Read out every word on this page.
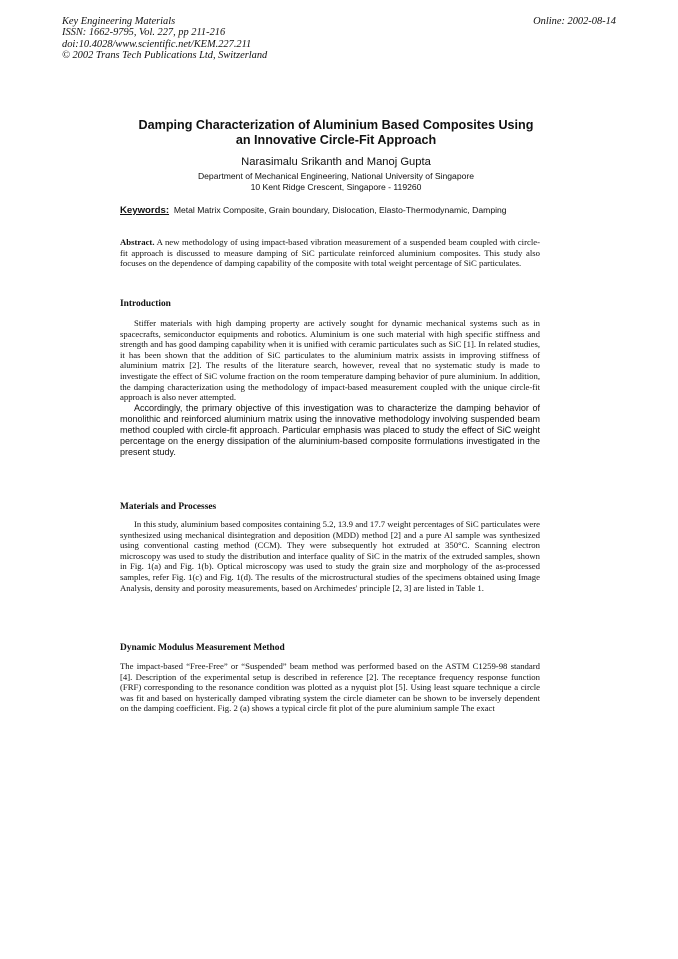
Key Engineering Materials
ISSN: 1662-9795, Vol. 227, pp 211-216
doi:10.4028/www.scientific.net/KEM.227.211
© 2002 Trans Tech Publications Ltd, Switzerland
Online: 2002-08-14
Damping Characterization of Aluminium Based Composites Using
an Innovative Circle-Fit Approach
Narasimalu Srikanth and Manoj Gupta
Department of Mechanical Engineering, National University of Singapore
10 Kent Ridge Crescent, Singapore - 119260
Keywords: Metal Matrix Composite, Grain boundary, Dislocation, Elasto-Thermodynamic, Damping

Abstract. A new methodology of using impact-based vibration measurement of a suspended beam coupled with circle-fit approach is discussed to measure damping of SiC particulate reinforced aluminium composites. This study also focuses on the dependence of damping capability of the composite with total weight percentage of SiC particulates.

Introduction

Stiffer materials with high damping property are actively sought for dynamic mechanical systems such as in spacecrafts, semiconductor equipments and robotics. Aluminium is one such material with high specific stiffness and strength and has good damping capability when it is unified with ceramic particulates such as SiC [1]. In related studies, it has been shown that the addition of SiC particulates to the aluminium matrix assists in improving stiffness of aluminium matrix [2]. The results of the literature search, however, reveal that no systematic study is made to investigate the effect of SiC volume fraction on the room temperature damping behavior of pure aluminium. In addition, the damping characterization using the methodology of impact-based measurement coupled with the unique circle-fit approach is also never attempted.

Accordingly, the primary objective of this investigation was to characterize the damping behavior of monolithic and reinforced aluminium matrix using the innovative methodology involving suspended beam method coupled with circle-fit approach. Particular emphasis was placed to study the effect of SiC weight percentage on the energy dissipation of the aluminium-based composite formulations investigated in the present study.

Materials and Processes

In this study, aluminium based composites containing 5.2, 13.9 and 17.7 weight percentages of SiC particulates were synthesized using mechanical disintegration and deposition (MDD) method [2] and a pure Al sample was synthesized using conventional casting method (CCM). They were subsequently hot extruded at 350°C. Scanning electron microscopy was used to study the distribution and interface quality of SiC in the matrix of the extruded samples, shown in Fig. 1(a) and Fig. 1(b). Optical microscopy was used to study the grain size and morphology of the as-processed samples, refer Fig. 1(c) and Fig. 1(d). The results of the microstructural studies of the specimens obtained using Image Analysis, density and porosity measurements, based on Archimedes' principle [2, 3] are listed in Table 1.

Dynamic Modulus Measurement Method

The impact-based “Free-Free” or “Suspended” beam method was performed based on the ASTM C1259-98 standard [4]. Description of the experimental setup is described in reference [2]. The receptance frequency response function (FRF) corresponding to the resonance condition was plotted as a nyquist plot [5]. Using least square technique a circle was fit and based on hysterically damped vibrating system the circle diameter can be shown to be inversely dependent on the damping coefficient. Fig. 2 (a) shows a typical circle fit plot of the pure aluminium sample The exact
